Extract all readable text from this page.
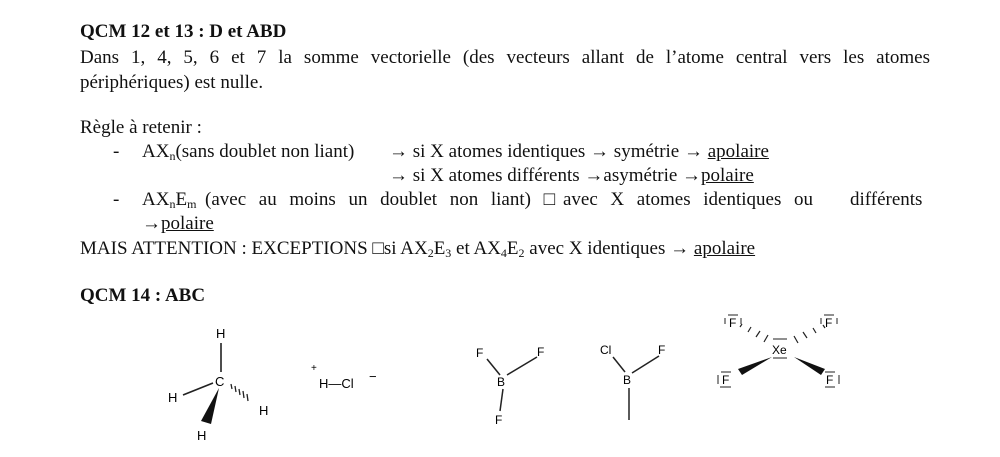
QCM 12 et 13 : D et ABD
Dans 1, 4, 5, 6 et 7 la somme vectorielle (des vecteurs allant de l’atome central vers les atomes
périphériques) est nulle.
Règle à retenir :
- $AX_n(sans$ doublet non liant) → si X atomes identiques → symétrie → apolaire
→ si X atomes différents →asymétrie →polaire
- $AX_nE_m$ (avec au moins un doublet non liant) □avec X atomes identiques ou différents
→polaire
MAIS ATTENTION : EXCEPTIONS □si $AX_2E_3$ et $AX_4E_2$ avec X identiques → apolaire
QCM 14 : ABC
H
H
C
H
H
+
H—Cl −
F	F
B
F
Cl	F
B
Xe
F	F
F	F
